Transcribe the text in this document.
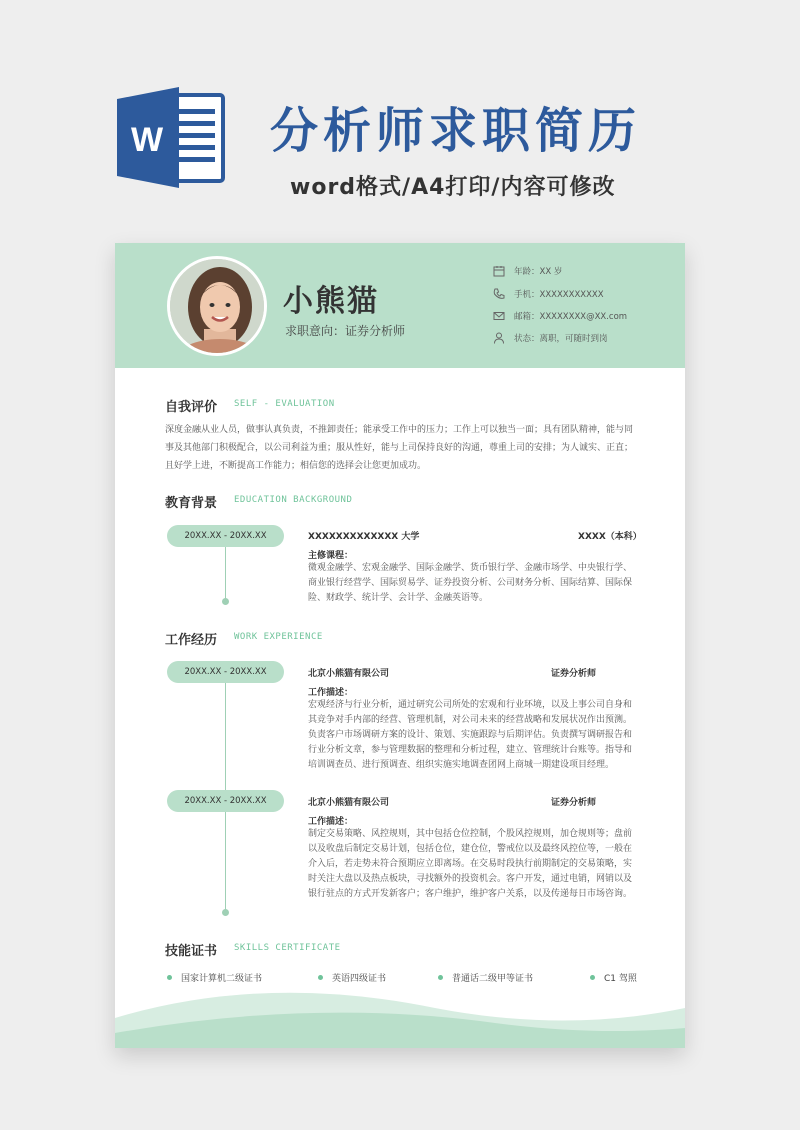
W 分析师求职简历
word格式/A4打印/内容可修改
小熊猫
求职意向：证券分析师
年龄：XX 岁
手机：XXXXXXXXXXX
邮箱：XXXXXXXX@XX.com
状态：离职，可随时到岗
自我评价 SELF - EVALUATION
深度金融从业人员，做事认真负责，不推卸责任；能承受工作中的压力；工作上可以独当一面；具有团队精神，能与同事及其他部门积极配合，以公司利益为重；服从性好，能与上司保持良好的沟通，尊重上司的安排；为人诚实、正直；且好学上进，不断提高工作能力；相信您的选择会让您更加成功。
教育背景 EDUCATION BACKGROUND
20XX.XX - 20XX.XX	XXXXXXXXXXXXX 大学	XXXX（本科）
主修课程：
微观金融学、宏观金融学、国际金融学、货币银行学、金融市场学、中央银行学、商业银行经营学、国际贸易学、证券投资分析、公司财务分析、国际结算、国际保险、财政学、统计学、会计学、金融英语等。
工作经历 WORK EXPERIENCE
20XX.XX - 20XX.XX	北京小熊猫有限公司	证券分析师
工作描述：
宏观经济与行业分析，通过研究公司所处的宏观和行业环境，以及上事公司自身和其竞争对手内部的经营、管理机制，对公司未来的经营战略和发展状况作出预测。负责客户市场调研方案的设计、策划、实施跟踪与后期评估。负责撰写调研报告和行业分析文章，参与管理数据的整理和分析过程，建立、管理统计台账等。指导和培训调查员、进行预调查、组织实施实地调查团网上商城一期建设项目经理。
20XX.XX - 20XX.XX	北京小熊猫有限公司	证券分析师
工作描述：
制定交易策略、风控规则，其中包括仓位控制，个股风控规则，加仓规则等；盘前以及收盘后制定交易计划，包括仓位，建仓位，警戒位以及最终风控位等，一般在介入后，若走势未符合预期应立即离场。在交易时段执行前期制定的交易策略，实时关注大盘以及热点板块，寻找额外的投资机会。客户开发，通过电销，网销以及银行驻点的方式开发新客户；客户维护，维护客户关系，以及传递每日市场咨询。
技能证书 SKILLS CERTIFICATE
国家计算机二级证书	英语四级证书	普通话二级甲等证书	C1 驾照
